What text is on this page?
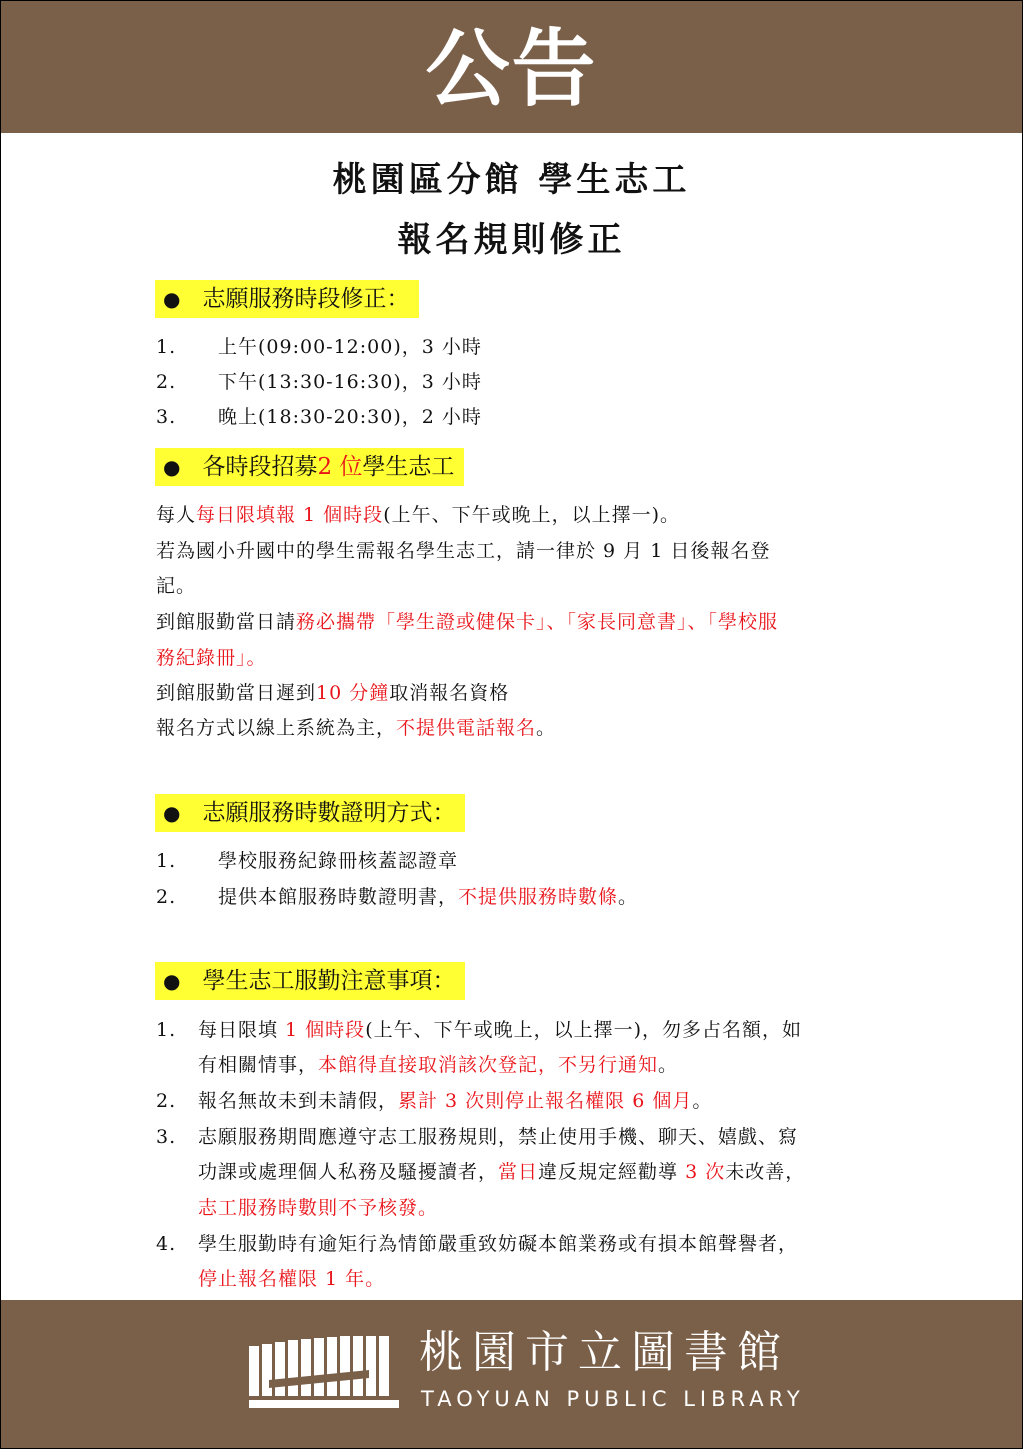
公告
桃園區分館 學生志工
報名規則修正
● 志願服務時段修正：
1. 上午(09:00-12:00)，3 小時
2. 下午(13:30-16:30)，3 小時
3. 晚上(18:30-20:30)，2 小時
● 各時段招募2 位學生志工
每人每日限填報 1 個時段(上午、下午或晚上，以上擇一)。
若為國小升國中的學生需報名學生志工，請一律於 9 月 1 日後報名登
記。
到館服勤當日請務必攜帶「學生證或健保卡」、「家長同意書」、「學校服
務紀錄冊」。
到館服勤當日遲到10 分鐘取消報名資格
報名方式以線上系統為主，不提供電話報名。
● 志願服務時數證明方式：
1. 學校服務紀錄冊核蓋認證章
2. 提供本館服務時數證明書，不提供服務時數條。
● 學生志工服勤注意事項：
1. 每日限填 1 個時段(上午、下午或晚上，以上擇一)，勿多占名額，如
有相關情事，本館得直接取消該次登記，不另行通知。
2. 報名無故未到未請假，累計 3 次則停止報名權限 6 個月。
3. 志願服務期間應遵守志工服務規則，禁止使用手機、聊天、嬉戲、寫
功課或處理個人私務及騷擾讀者，當日違反規定經勸導 3 次未改善，
志工服務時數則不予核發。
4. 學生服勤時有逾矩行為情節嚴重致妨礙本館業務或有損本館聲譽者，
停止報名權限 1 年。
桃園市立圖書館
TAOYUAN PUBLIC LIBRARY
